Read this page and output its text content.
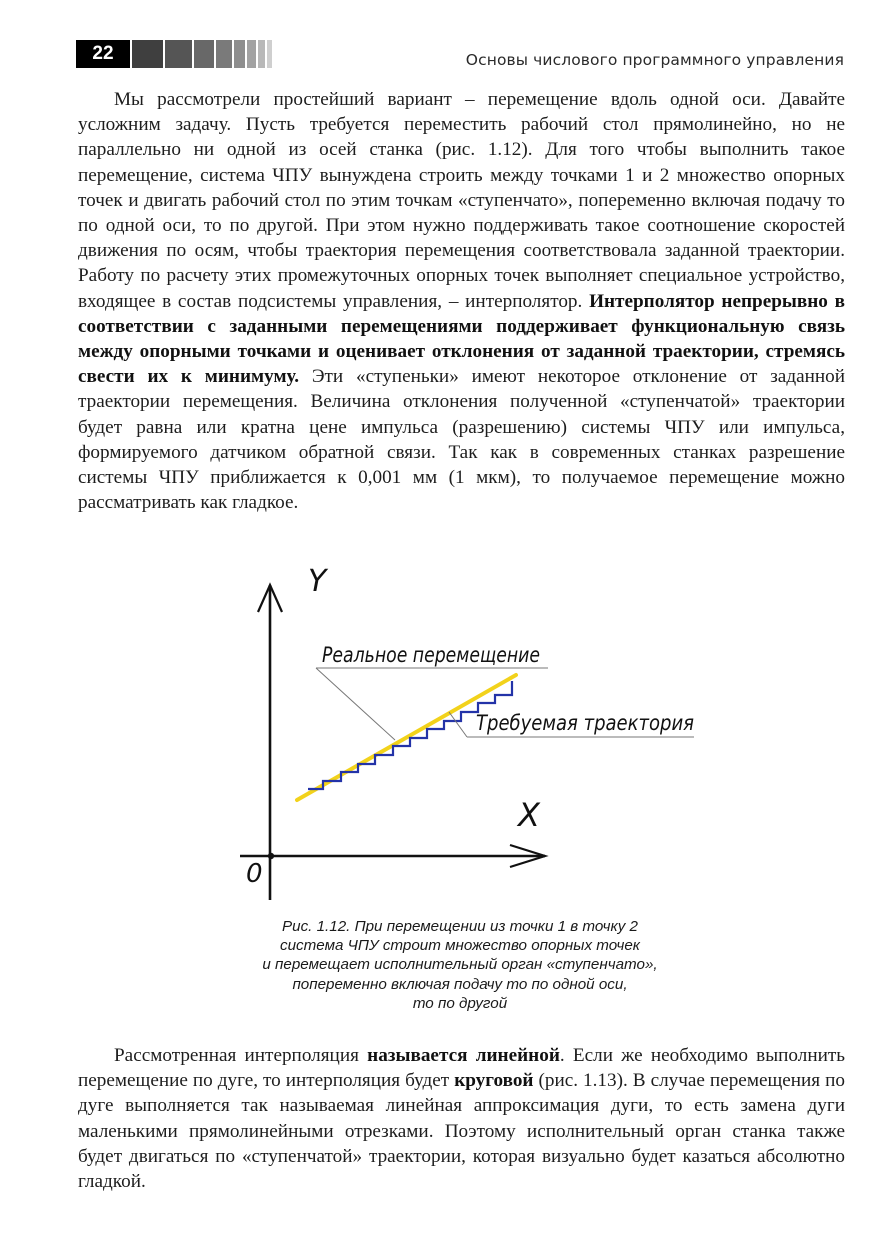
22	Основы числового программного управления

Мы рассмотрели простейший вариант – перемещение вдоль одной оси. Давайте усложним задачу. Пусть требуется переместить рабочий стол прямолинейно, но не параллельно ни одной из осей станка (рис. 1.12). Для того чтобы выполнить такое перемещение, система ЧПУ вынуждена строить между точками 1 и 2 множество опорных точек и двигать рабочий стол по этим точкам «ступенчато», попеременно включая подачу то по одной оси, то по другой. При этом нужно поддерживать такое соотношение скоростей движения по осям, чтобы траектория перемещения соответствовала заданной траектории. Работу по расчету этих промежуточных опорных точек выполняет специальное устройство, входящее в состав подсистемы управления, – интерполятор. Интерполятор непрерывно в соответствии с заданными перемещениями поддерживает функциональную связь между опорными точками и оценивает отклонения от заданной траектории, стремясь свести их к минимуму. Эти «ступеньки» имеют некоторое отклонение от заданной траектории перемещения. Величина отклонения полученной «ступенчатой» траектории будет равна или кратна цене импульса (разрешению) системы ЧПУ или импульса, формируемого датчиком обратной связи. Так как в современных станках разрешение системы ЧПУ приближается к 0,001 мм (1 мкм), то получаемое перемещение можно рассматривать как гладкое.

0
Y
X
Реальное перемещение
Требуемая траектория
Рис. 1.12. При перемещении из точки 1 в точку 2
система ЧПУ строит множество опорных точек
и перемещает исполнительный орган «ступенчато»,
попеременно включая подачу то по одной оси,
то по другой

Рассмотренная интерполяция называется линейной. Если же необходимо выполнить перемещение по дуге, то интерполяция будет круговой (рис. 1.13). В случае перемещения по дуге выполняется так называемая линейная аппроксимация дуги, то есть замена дуги маленькими прямолинейными отрезками. Поэтому исполнительный орган станка также будет двигаться по «ступенчатой» траектории, которая визуально будет казаться абсолютно гладкой.
